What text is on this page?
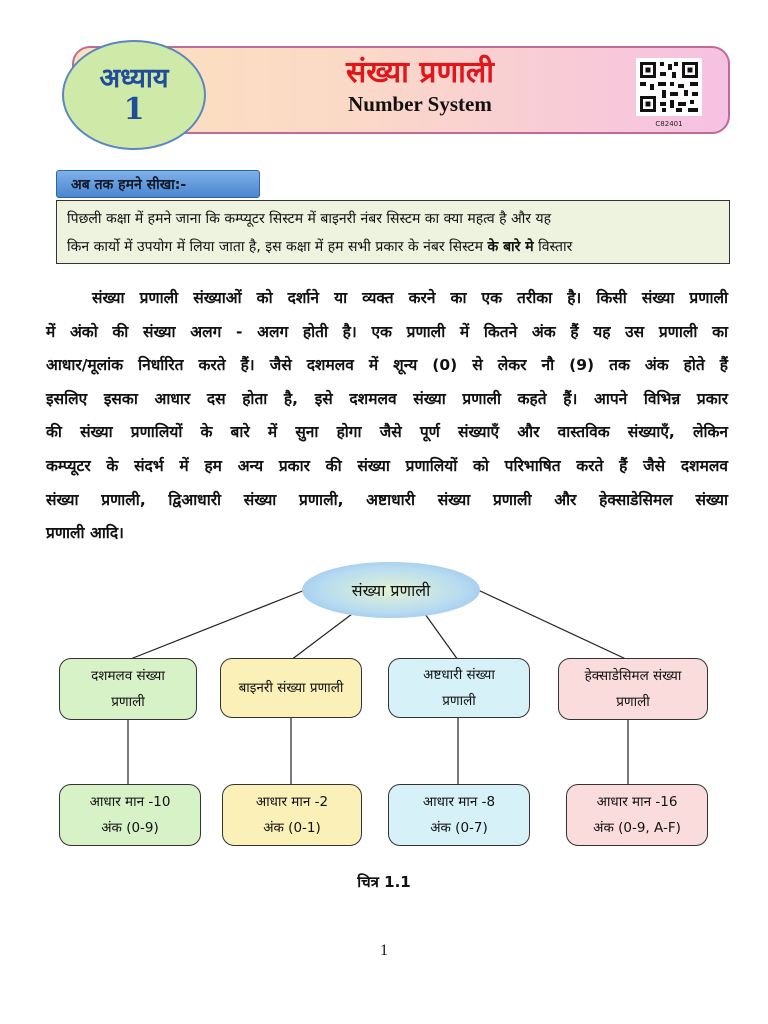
अध्याय
1
संख्या प्रणाली
Number System
C82401
अब तक हमने सीखा:-
पिछली कक्षा में हमने जाना कि कम्प्यूटर सिस्टम में बाइनरी नंबर सिस्टम का क्या महत्व है और यह
किन कार्यो में उपयोग में लिया जाता है, इस कक्षा में हम सभी प्रकार के नंबर सिस्टम के बारे मे विस्तार
संख्या प्रणाली संख्याओं को दर्शाने या व्यक्त करने का एक तरीका है। किसी संख्या प्रणाली
में अंको की संख्या अलग - अलग होती है। एक प्रणाली में कितने अंक हैं यह उस प्रणाली का
आधार/मूलांक निर्धारित करते हैं। जैसे दशमलव में शून्य (0) से लेकर नौ (9) तक अंक होते हैं
इसलिए इसका आधार दस होता है, इसे दशमलव संख्या प्रणाली कहते हैं। आपने विभिन्न प्रकार
की संख्या प्रणालियों के बारे में सुना होगा जैसे पूर्ण संख्याएँ और वास्तविक संख्याएँ, लेकिन
कम्प्यूटर के संदर्भ में हम अन्य प्रकार की संख्या प्रणालियों को परिभाषित करते हैं जैसे दशमलव
संख्या प्रणाली, द्विआधारी संख्या प्रणाली, अष्टाधारी संख्या प्रणाली और हेक्साडेसिमल संख्या
प्रणाली आदि।
संख्या प्रणाली
दशमलव संख्या
प्रणाली
बाइनरी संख्या प्रणाली
अष्टधारी संख्या
प्रणाली
हेक्साडेसिमल संख्या
प्रणाली
आधार मान -10
अंक (0-9)
आधार मान -2
अंक (0-1)
आधार मान -8
अंक (0-7)
आधार मान -16
अंक (0-9, A-F)
चित्र 1.1
1
